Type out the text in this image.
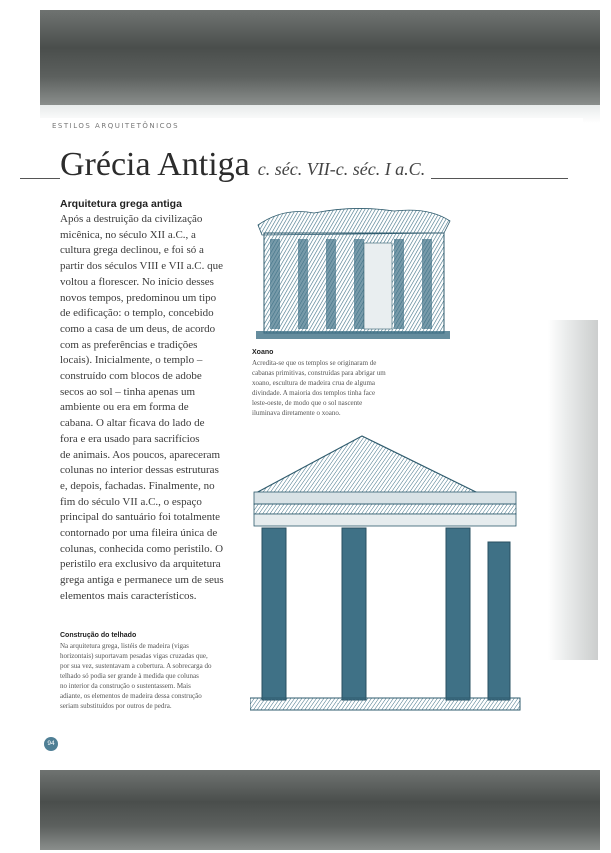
ESTILOS ARQUITETÔNICOS
Grécia Antiga c. séc. VII-c. séc. I a.C.
Arquitetura grega antiga
Após a destruição da civilização
micênica, no século XII a.C., a
cultura grega declinou, e foi só a
partir dos séculos VIII e VII a.C. que
voltou a florescer. No início desses
novos tempos, predominou um tipo
de edificação: o templo, concebido
como a casa de um deus, de acordo
com as preferências e tradições
locais). Inicialmente, o templo –
construído com blocos de adobe
secos ao sol – tinha apenas um
ambiente ou era em forma de
cabana. O altar ficava do lado de
fora e era usado para sacrifícios
de animais. Aos poucos, apareceram
colunas no interior dessas estruturas
e, depois, fachadas. Finalmente, no
fim do século VII a.C., o espaço
principal do santuário foi totalmente
contornado por uma fileira única de
colunas, conhecida como peristilo. O
peristilo era exclusivo da arquitetura
grega antiga e permanece um de seus
elementos mais característicos.
Xoano
Acredita-se que os templos se originaram de
cabanas primitivas, construídas para abrigar um
xoano, escultura de madeira crua de alguma
divindade. A maioria dos templos tinha face
leste-oeste, de modo que o sol nascente
iluminava diretamente o xoano.
Construção do telhado
Na arquitetura grega, listéis de madeira (vigas
horizontais) suportavam pesadas vigas cruzadas que,
por sua vez, sustentavam a cobertura. A sobrecarga do
telhado só podia ser grande à medida que colunas
no interior da construção o sustentassem. Mais
adiante, os elementos de madeira dessa construção
seriam substituídos por outros de pedra.
94
